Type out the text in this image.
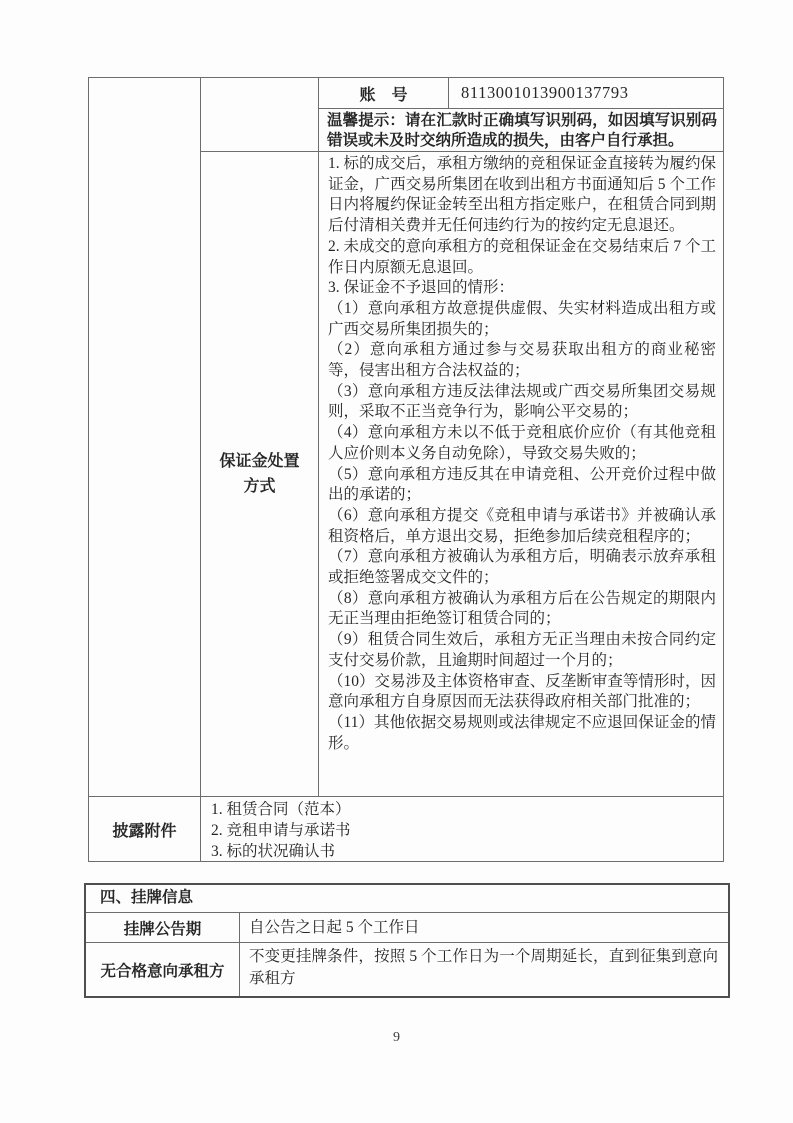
保证金处置
方式
账　号	8113001013900137793
温馨提示：请在汇款时正确填写识别码，如因填写识别码错误或未及时交纳所造成的损失，由客户自行承担。

1. 标的成交后，承租方缴纳的竞租保证金直接转为履约保证金，广西交易所集团在收到出租方书面通知后 5 个工作日内将履约保证金转至出租方指定账户，在租赁合同到期后付清相关费并无任何违约行为的按约定无息退还。

2. 未成交的意向承租方的竞租保证金在交易结束后 7 个工作日内原额无息退回。

3. 保证金不予退回的情形：

（1）意向承租方故意提供虚假、失实材料造成出租方或广西交易所集团损失的；

（2）意向承租方通过参与交易获取出租方的商业秘密等，侵害出租方合法权益的；

（3）意向承租方违反法律法规或广西交易所集团交易规则，采取不正当竞争行为，影响公平交易的；

（4）意向承租方未以不低于竞租底价应价（有其他竞租人应价则本义务自动免除），导致交易失败的；

（5）意向承租方违反其在申请竞租、公开竞价过程中做出的承诺的；

（6）意向承租方提交《竞租申请与承诺书》并被确认承租资格后，单方退出交易，拒绝参加后续竞租程序的；

（7）意向承租方被确认为承租方后，明确表示放弃承租或拒绝签署成交文件的；

（8）意向承租方被确认为承租方后在公告规定的期限内无正当理由拒绝签订租赁合同的；

（9）租赁合同生效后，承租方无正当理由未按合同约定支付交易价款，且逾期时间超过一个月的；

（10）交易涉及主体资格审查、反垄断审查等情形时，因意向承租方自身原因而无法获得政府相关部门批准的；

（11）其他依据交易规则或法律规定不应退回保证金的情形。

披露附件
1. 租赁合同（范本）
2. 竞租申请与承诺书
3. 标的状况确认书
四、挂牌信息
挂牌公告期	自公告之日起 5 个工作日
无合格意向承租方
不变更挂牌条件，按照 5 个工作日为一个周期延长，直到征集到意向承租方
9
